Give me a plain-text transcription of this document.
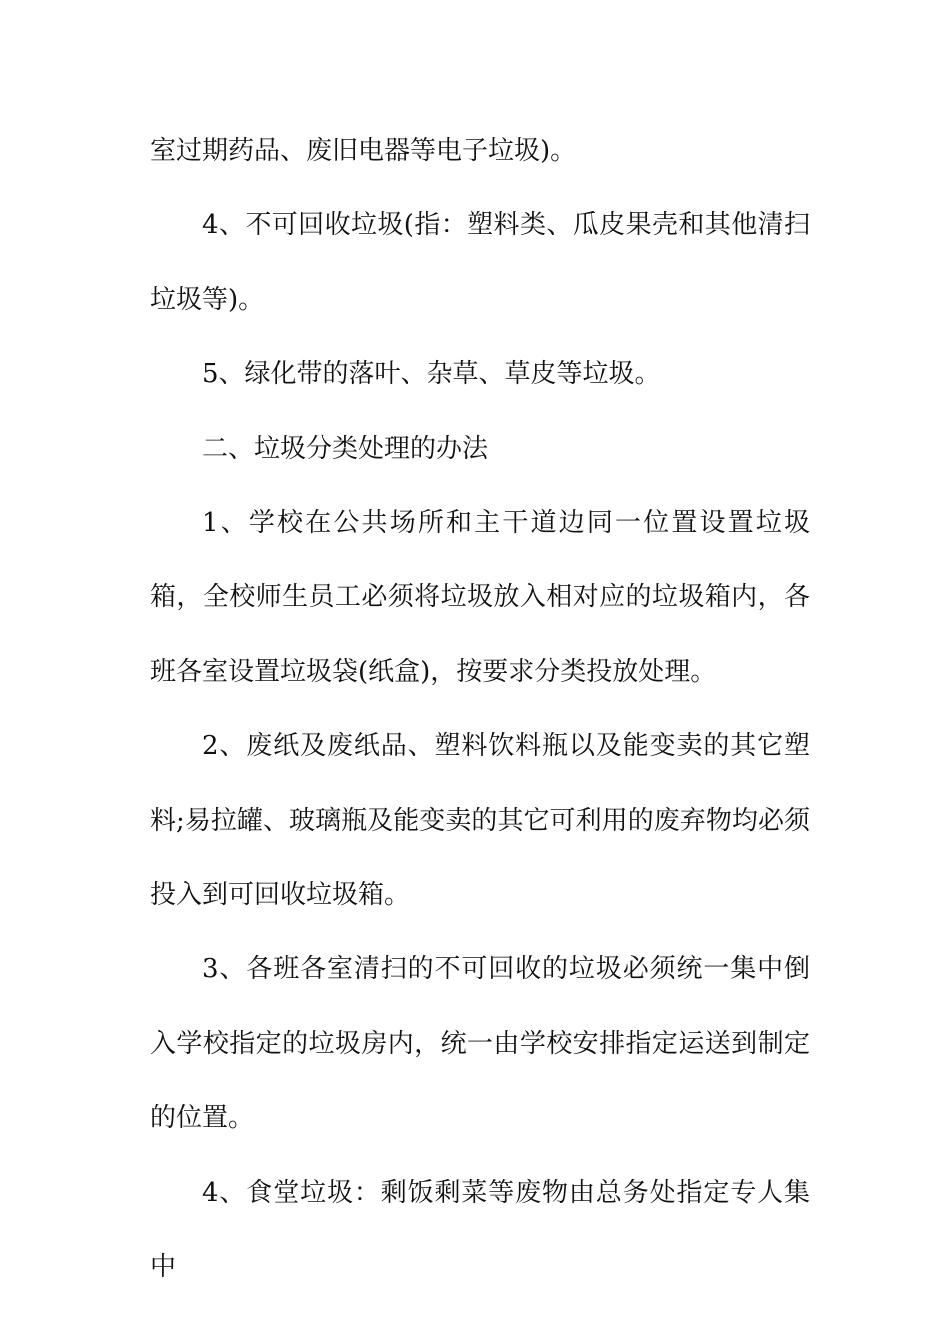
室过期药品、废旧电器等电子垃圾)。

4、不可回收垃圾(指：塑料类、瓜皮果壳和其他清扫垃圾等)。

5、绿化带的落叶、杂草、草皮等垃圾。

二、垃圾分类处理的办法

1、学校在公共场所和主干道边同一位置设置垃圾箱，全校师生员工必须将垃圾放入相对应的垃圾箱内，各班各室设置垃圾袋(纸盒)，按要求分类投放处理。

2、废纸及废纸品、塑料饮料瓶以及能变卖的其它塑料;易拉罐、玻璃瓶及能变卖的其它可利用的废弃物均必须投入到可回收垃圾箱。

3、各班各室清扫的不可回收的垃圾必须统一集中倒入学校指定的垃圾房内，统一由学校安排指定运送到制定的位置。

4、食堂垃圾：剩饭剩菜等废物由总务处指定专人集中
